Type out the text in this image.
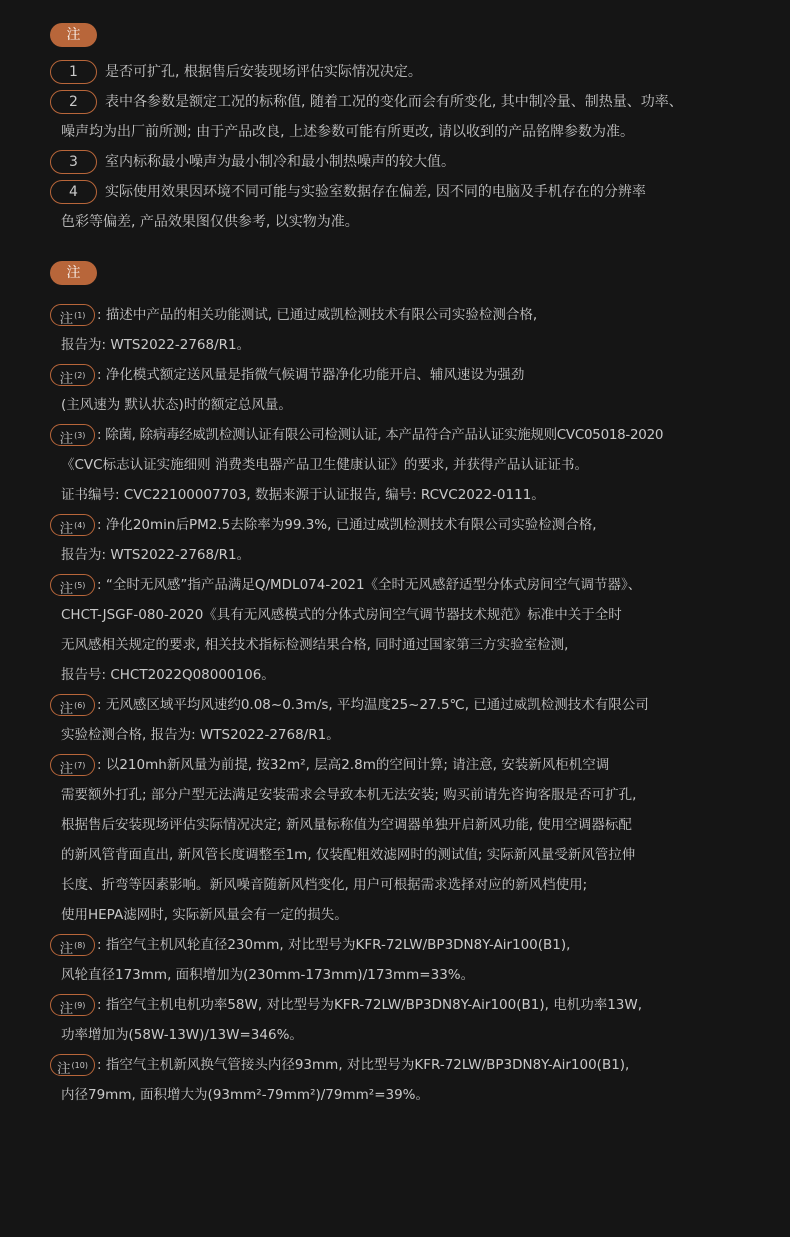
注
1 是否可扩孔, 根据售后安装现场评估实际情况决定。
2 表中各参数是额定工况的标称值, 随着工况的变化而会有所变化, 其中制冷量、制热量、功率、
噪声均为出厂前所测; 由于产品改良, 上述参数可能有所更改, 请以收到的产品铭牌参数为准。
3 室内标称最小噪声为最小制冷和最小制热噪声的较大值。
4 实际使用效果因环境不同可能与实验室数据存在偏差, 因不同的电脑及手机存在的分辨率
色彩等偏差, 产品效果图仅供参考, 以实物为准。
注
注$^{(1)}$ : 描述中产品的相关功能测试, 已通过威凯检测技术有限公司实验检测合格,
报告为: WTS2022-2768/R1。
注$^{(2)}$ : 净化模式额定送风量是指微气候调节器净化功能开启、辅风速设为强劲
(主风速为 默认状态)时的额定总风量。
注$^{(3)}$ : 除菌, 除病毒经威凯检测认证有限公司检测认证, 本产品符合产品认证实施规则CVC05018-2020
《CVC标志认证实施细则 消费类电器产品卫生健康认证》的要求, 并获得产品认证证书。
证书编号: CVC22100007703, 数据来源于认证报告, 编号: RCVC2022-0111。
注$^{(4)}$ : 净化20min后PM2.5去除率为99.3%, 已通过威凯检测技术有限公司实验检测合格,
报告为: WTS2022-2768/R1。
注$^{(5)}$ : “全时无风感”指产品满足Q/MDL074-2021《全时无风感舒适型分体式房间空气调节器》、
CHCT-JSGF-080-2020《具有无风感模式的分体式房间空气调节器技术规范》标准中关于全时
无风感相关规定的要求, 相关技术指标检测结果合格, 同时通过国家第三方实验室检测,
报告号: CHCT2022Q08000106。
注$^{(6)}$ : 无风感区域平均风速约0.08~0.3m/s, 平均温度25~27.5℃, 已通过威凯检测技术有限公司
实验检测合格, 报告为: WTS2022-2768/R1。
注$^{(7)}$ : 以210mh新风量为前提, 按32m², 层高2.8m的空间计算; 请注意, 安装新风柜机空调
需要额外打孔; 部分户型无法满足安装需求会导致本机无法安装; 购买前请先咨询客服是否可扩孔,
根据售后安装现场评估实际情况决定; 新风量标称值为空调器单独开启新风功能, 使用空调器标配
的新风管背面直出, 新风管长度调整至1m, 仅装配粗效滤网时的测试值; 实际新风量受新风管拉伸
长度、折弯等因素影响。新风噪音随新风档变化, 用户可根据需求选择对应的新风档使用;
使用HEPA滤网时, 实际新风量会有一定的损失。
注$^{(8)}$ : 指空气主机风轮直径230mm, 对比型号为KFR-72LW/BP3DN8Y-Air100(B1),
风轮直径173mm, 面积增加为(230mm-173mm)/173mm=33%。
注$^{(9)}$ : 指空气主机电机功率58W, 对比型号为KFR-72LW/BP3DN8Y-Air100(B1), 电机功率13W,
功率增加为(58W-13W)/13W=346%。
注$^{(10)}$ : 指空气主机新风换气管接头内径93mm, 对比型号为KFR-72LW/BP3DN8Y-Air100(B1),
内径79mm, 面积增大为(93mm²-79mm²)/79mm²=39%。
